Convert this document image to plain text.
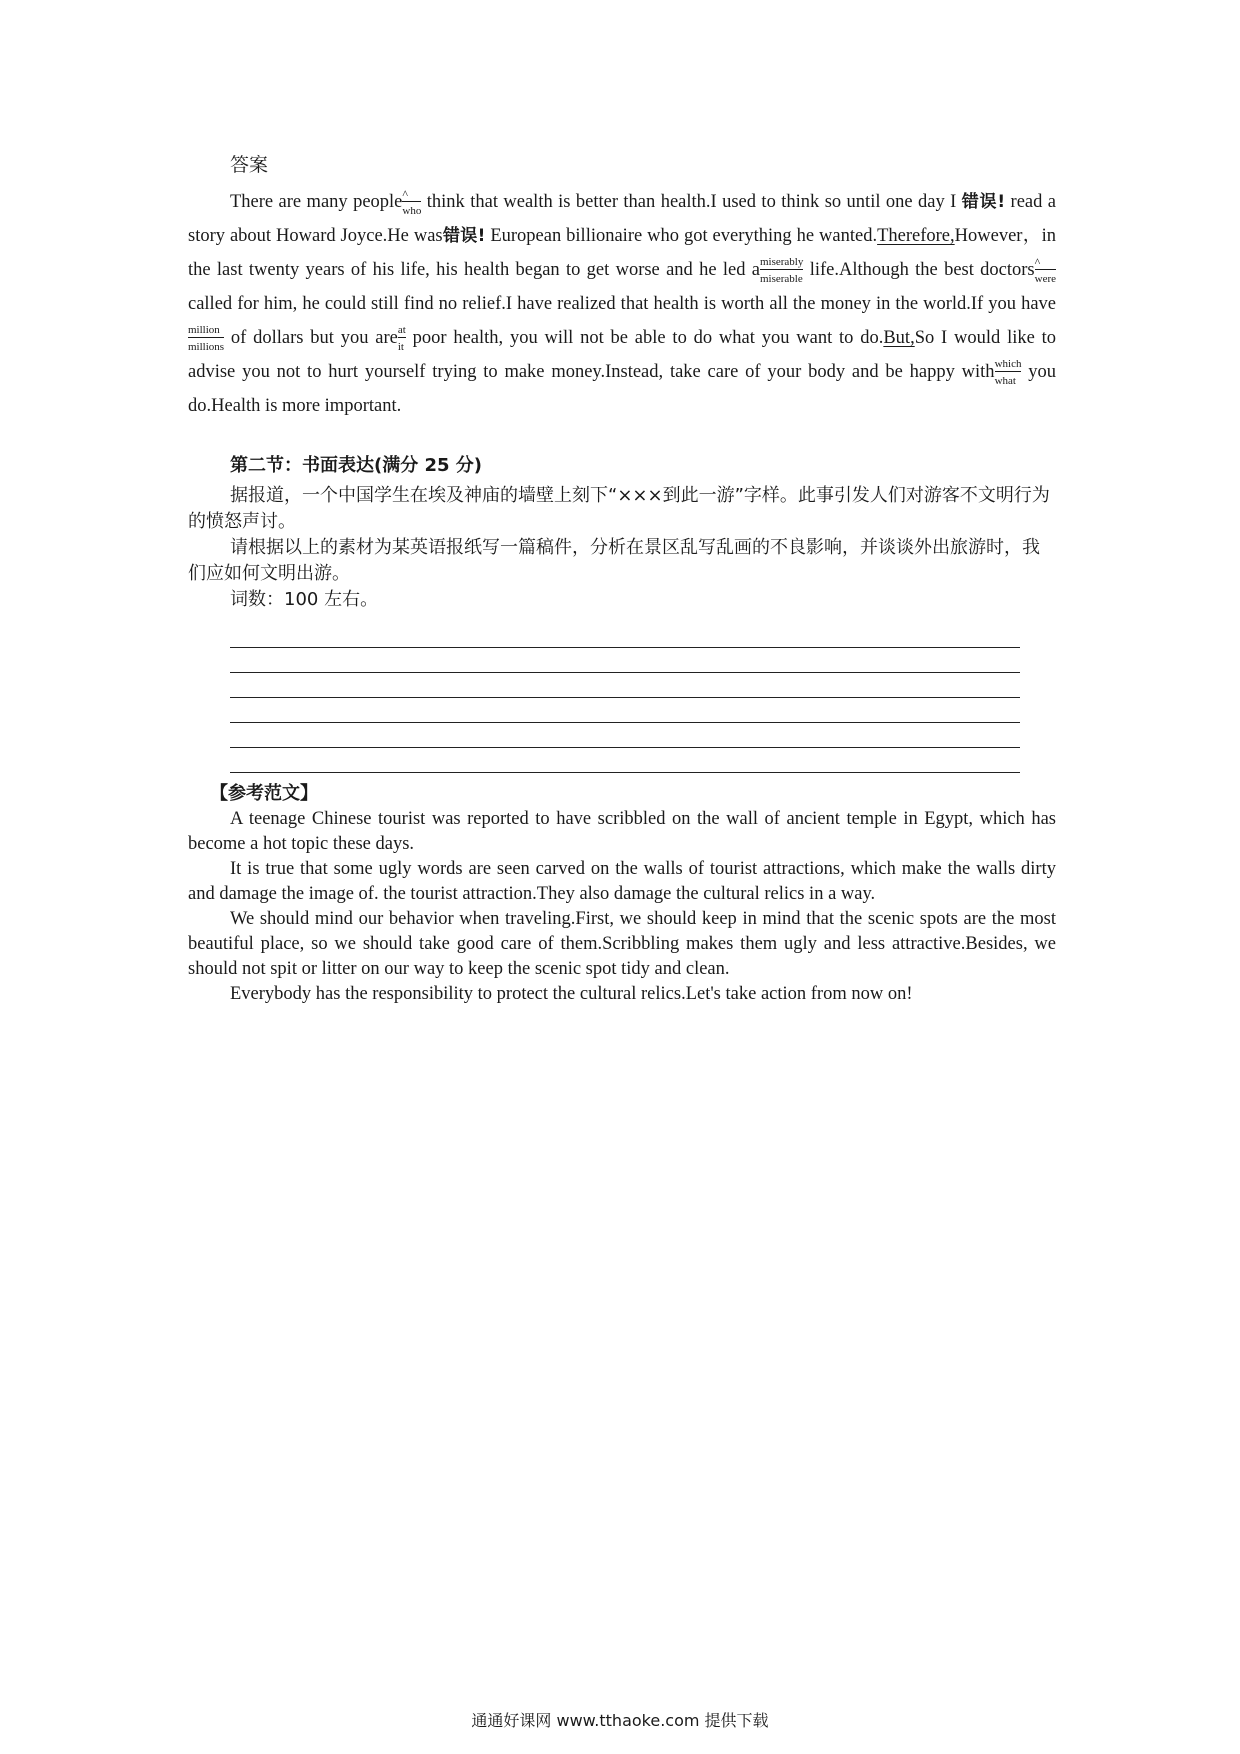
答案
There are many people ^
who think that wealth is better than health.I used to think so until one day I 错误! read a story about Howard Joyce.He was错误! European billionaire who got everything he wanted.Therefore,However，in the last twenty years of his life, his health began to get worse and he led a miserably
miserable life.Although the best doctors ^
were
called for him, he could still find no relief.I have realized that health is worth all the money in the world.If you have
million
millions of dollars but you are $\frac{at}{it}$ poor health, you will not be able to do what you want to do.But,So I would like to advise you not to hurt yourself trying to make money.Instead, take care of your body and be happy with which
what you do.Health is more important.
第二节：书面表达(满分 25 分)

据报道，一个中国学生在埃及神庙的墙壁上刻下“×××到此一游”字样。此事引发人们对游客不文明行为的愤怒声讨。

请根据以上的素材为某英语报纸写一篇稿件，分析在景区乱写乱画的不良影响，并谈谈外出旅游时，我们应如何文明出游。

词数：100 左右。

【参考范文】

A teenage Chinese tourist was reported to have scribbled on the wall of ancient temple in Egypt, which has become a hot topic these days.

It is true that some ugly words are seen carved on the walls of tourist attractions, which make the walls dirty and damage the image of. the tourist attraction.They also damage the cultural relics in a way.

We should mind our behavior when traveling.First, we should keep in mind that the scenic spots are the most beautiful place, so we should take good care of them.Scribbling makes them ugly and less attractive.Besides, we should not spit or litter on our way to keep the scenic spot tidy and clean.

Everybody has the responsibility to protect the cultural relics.Let's take action from now on!

通通好课网 www.tthaoke.com 提供下载
